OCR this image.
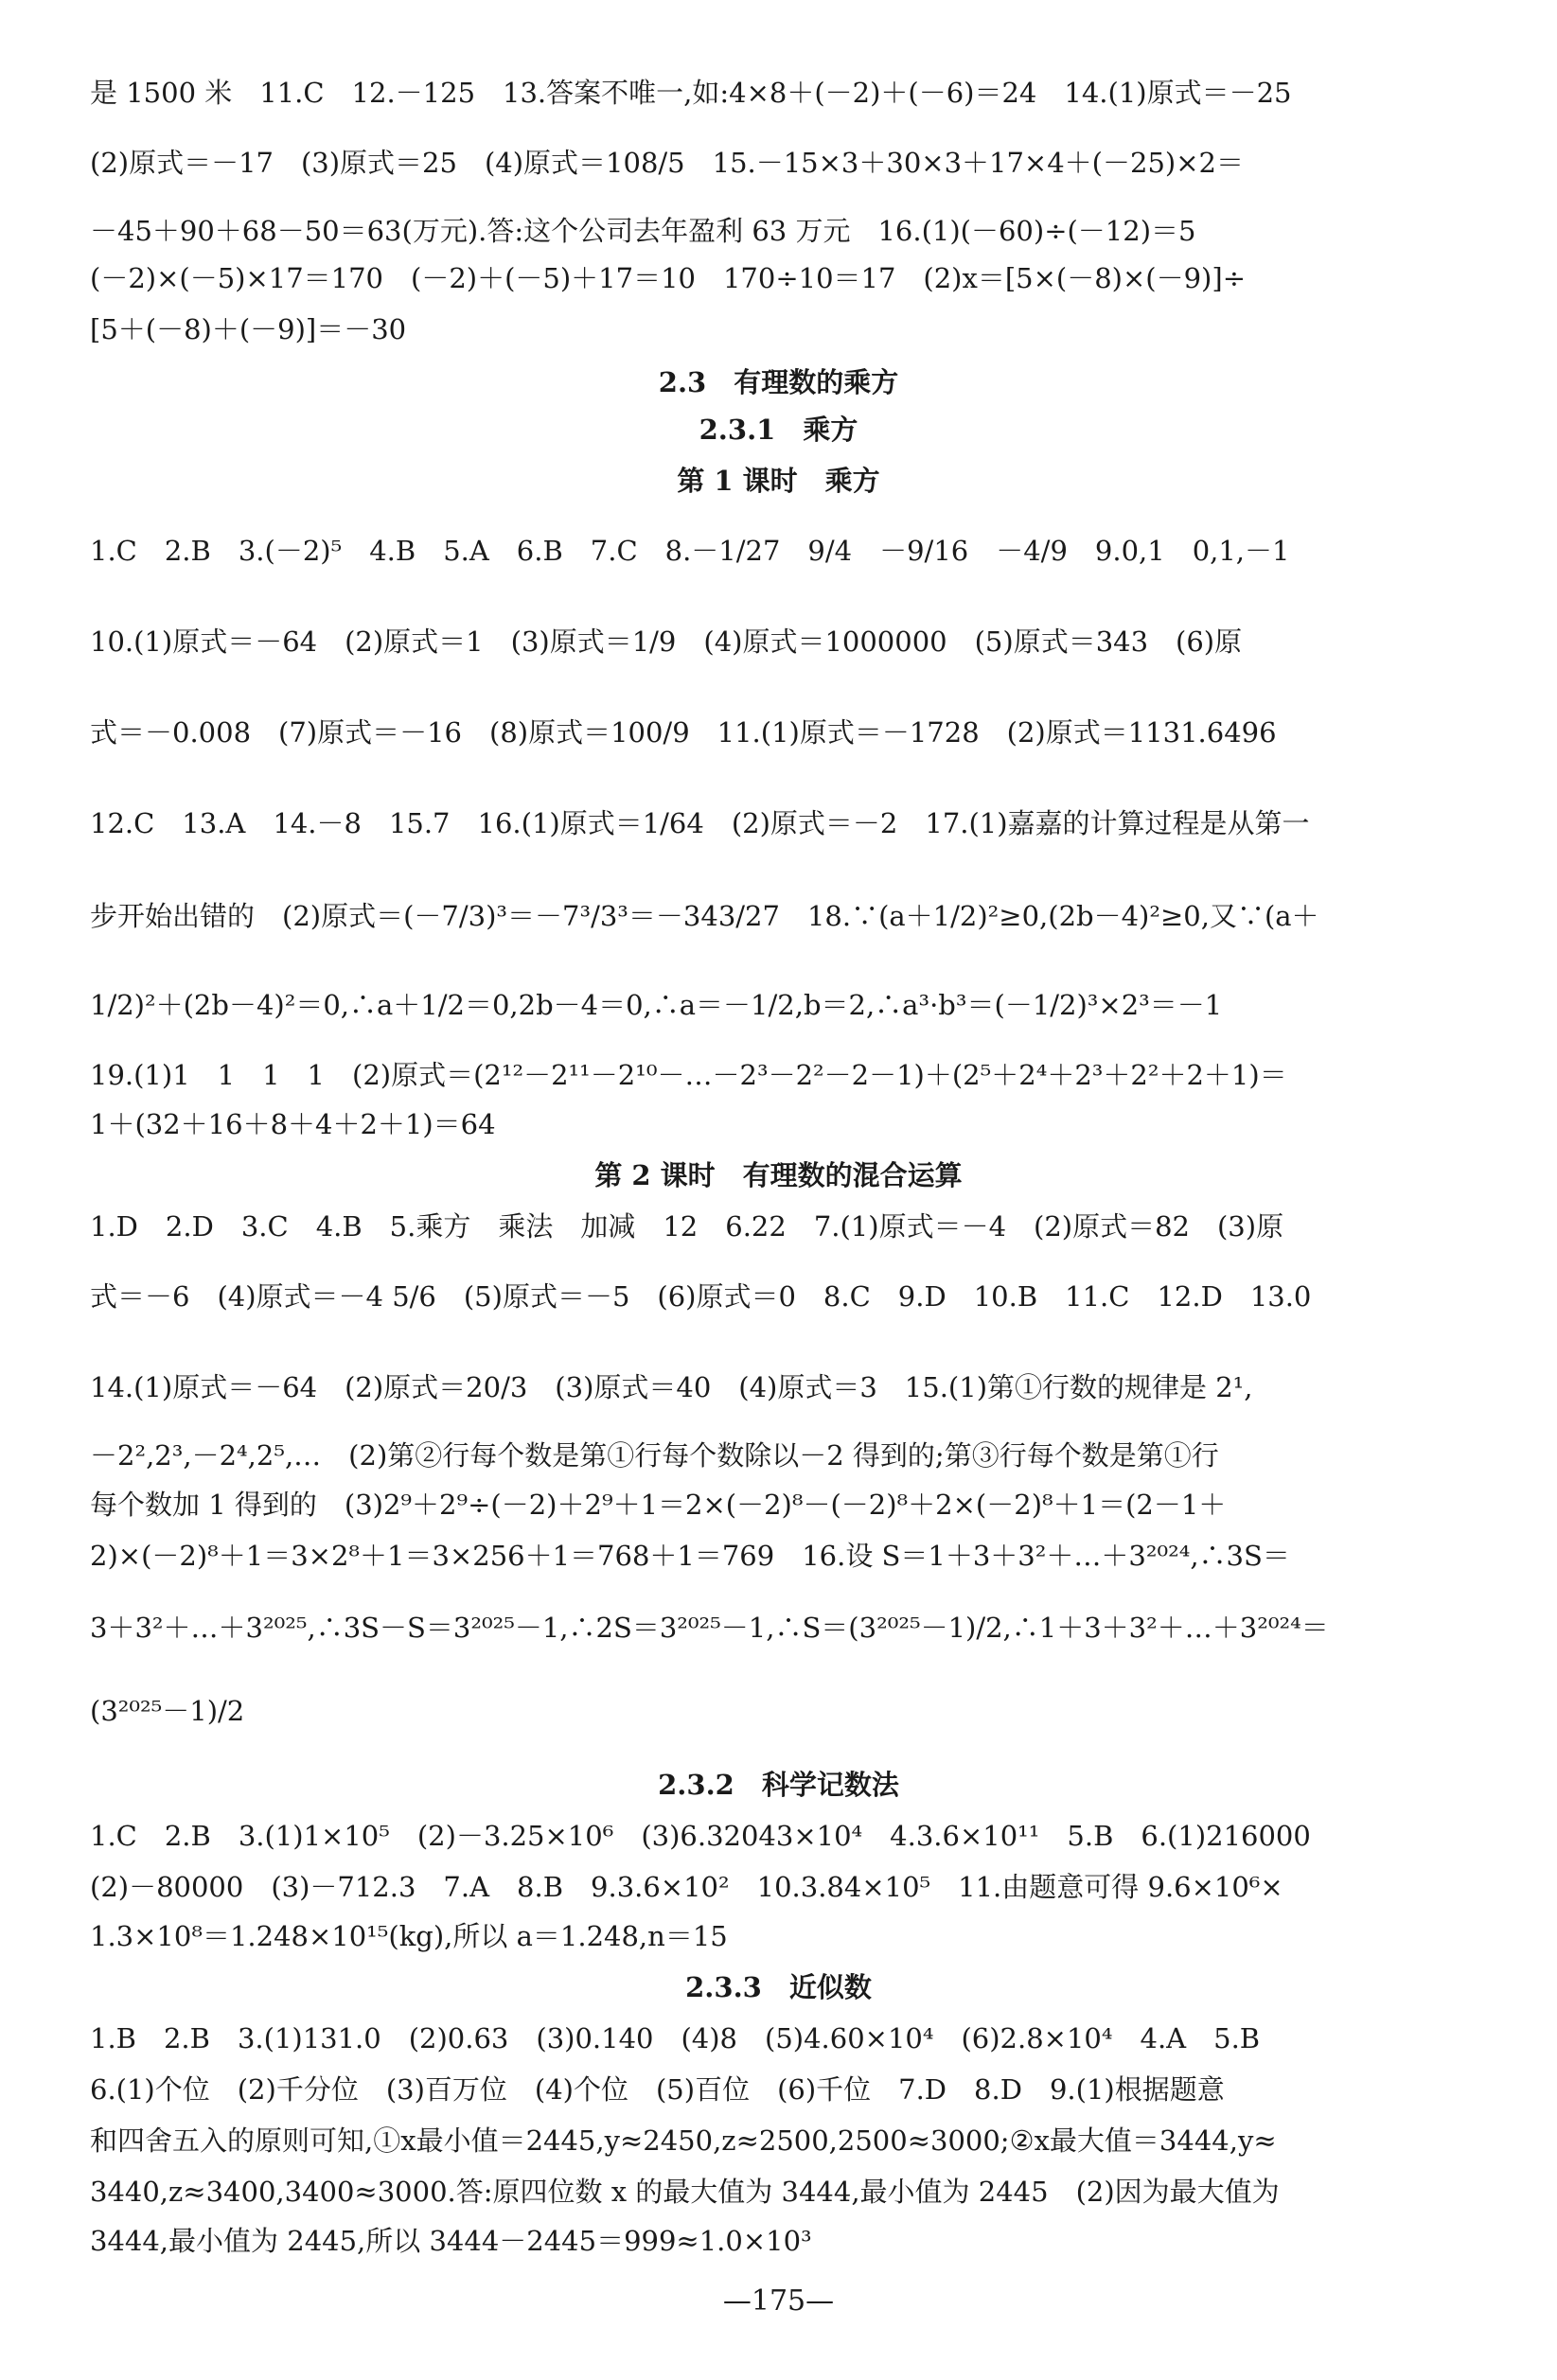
是 1500 米　11.C　12.－125　13.答案不唯一,如:4×8＋(－2)＋(－6)＝24　14.(1)原式＝－25
(2)原式＝－17　(3)原式＝25　(4)原式＝108/5　15.－15×3＋30×3＋17×4＋(－25)×2＝
－45＋90＋68－50＝63(万元).答:这个公司去年盈利 63 万元　16.(1)(－60)÷(－12)＝5
(－2)×(－5)×17＝170　(－2)＋(－5)＋17＝10　170÷10＝17　(2)x＝[5×(－8)×(－9)]÷
[5＋(－8)＋(－9)]＝－30
2.3　有理数的乘方
2.3.1　乘方
第 1 课时　乘方
1.C　2.B　3.(－2)⁵　4.B　5.A　6.B　7.C　8.－1/27　9/4　－9/16　－4/9　9.0,1　0,1,－1
10.(1)原式＝－64　(2)原式＝1　(3)原式＝1/9　(4)原式＝1000000　(5)原式＝343　(6)原
式＝－0.008　(7)原式＝－16　(8)原式＝100/9　11.(1)原式＝－1728　(2)原式＝1131.6496
12.C　13.A　14.－8　15.7　16.(1)原式＝1/64　(2)原式＝－2　17.(1)嘉嘉的计算过程是从第一
步开始出错的　(2)原式＝(－7/3)³＝－7³/3³＝－343/27　18.∵(a＋1/2)²≥0,(2b－4)²≥0,又∵(a＋
1/2)²＋(2b－4)²＝0,∴a＋1/2＝0,2b－4＝0,∴a＝－1/2,b＝2,∴a³·b³＝(－1/2)³×2³＝－1
19.(1)1　1　1　1　(2)原式＝(2¹²－2¹¹－2¹⁰－…－2³－2²－2－1)＋(2⁵＋2⁴＋2³＋2²＋2＋1)＝
1＋(32＋16＋8＋4＋2＋1)＝64
第 2 课时　有理数的混合运算
1.D　2.D　3.C　4.B　5.乘方　乘法　加减　12　6.22　7.(1)原式＝－4　(2)原式＝82　(3)原
式＝－6　(4)原式＝－4 5/6　(5)原式＝－5　(6)原式＝0　8.C　9.D　10.B　11.C　12.D　13.0
14.(1)原式＝－64　(2)原式＝20/3　(3)原式＝40　(4)原式＝3　15.(1)第①行数的规律是 2¹,
－2²,2³,－2⁴,2⁵,…　(2)第②行每个数是第①行每个数除以－2 得到的;第③行每个数是第①行
每个数加 1 得到的　(3)2⁹＋2⁹÷(－2)＋2⁹＋1＝2×(－2)⁸－(－2)⁸＋2×(－2)⁸＋1＝(2－1＋
2)×(－2)⁸＋1＝3×2⁸＋1＝3×256＋1＝768＋1＝769　16.设 S＝1＋3＋3²＋…＋3²⁰²⁴,∴3S＝
3＋3²＋…＋3²⁰²⁵,∴3S－S＝3²⁰²⁵－1,∴2S＝3²⁰²⁵－1,∴S＝(3²⁰²⁵－1)/2,∴1＋3＋3²＋…＋3²⁰²⁴＝
(3²⁰²⁵－1)/2
2.3.2　科学记数法
1.C　2.B　3.(1)1×10⁵　(2)－3.25×10⁶　(3)6.32043×10⁴　4.3.6×10¹¹　5.B　6.(1)216000
(2)－80000　(3)－712.3　7.A　8.B　9.3.6×10²　10.3.84×10⁵　11.由题意可得 9.6×10⁶×
1.3×10⁸＝1.248×10¹⁵(kg),所以 a＝1.248,n＝15
2.3.3　近似数
1.B　2.B　3.(1)131.0　(2)0.63　(3)0.140　(4)8　(5)4.60×10⁴　(6)2.8×10⁴　4.A　5.B
6.(1)个位　(2)千分位　(3)百万位　(4)个位　(5)百位　(6)千位　7.D　8.D　9.(1)根据题意
和四舍五入的原则可知,①x最小值＝2445,y≈2450,z≈2500,2500≈3000;②x最大值＝3444,y≈
3440,z≈3400,3400≈3000.答:原四位数 x 的最大值为 3444,最小值为 2445　(2)因为最大值为
3444,最小值为 2445,所以 3444－2445＝999≈1.0×10³
—175—
